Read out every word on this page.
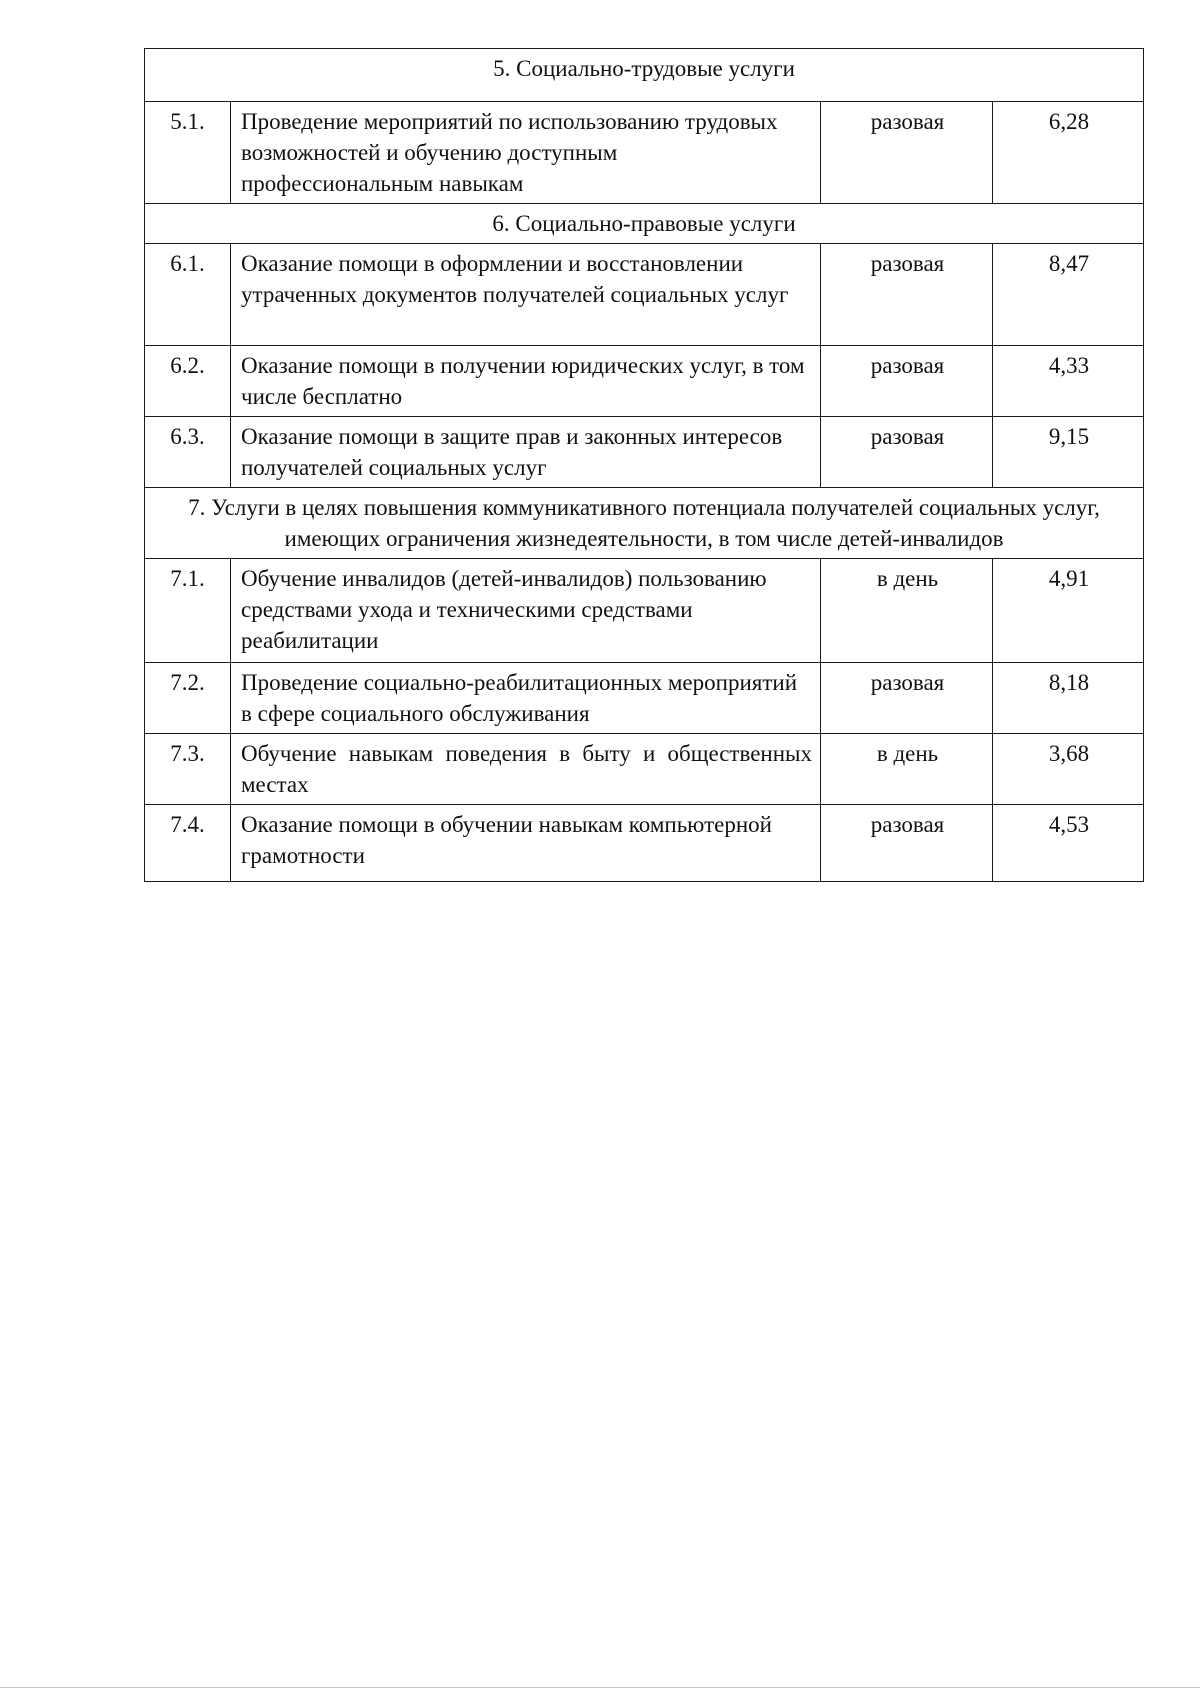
5. Социально-трудовые услуги			
5.1.	Проведение мероприятий по использованию трудовых возможностей и обучению доступным профессиональным навыкам	разовая	6,28
6. Социально-правовые услуги			
6.1.	Оказание помощи в оформлении и восстановлении утраченных документов получателей социальных услуг	разовая	8,47
6.2.	Оказание помощи в получении юридических услуг, в том числе бесплатно	разовая	4,33
6.3.	Оказание помощи в защите прав и законных интересов получателей социальных услуг	разовая	9,15
7. Услуги в целях повышения коммуникативного потенциала получателей социальных услуг, имеющих ограничения жизнедеятельности, в том числе детей-инвалидов			
7.1.	Обучение инвалидов (детей-инвалидов) пользованию средствами ухода и техническими средствами реабилитации	в день	4,91
7.2.	Проведение социально-реабилитационных мероприятий в сфере социального обслуживания	разовая	8,18
7.3.	Обучение навыкам поведения в быту и общественных местах	в день	3,68
7.4.	Оказание помощи в обучении навыкам компьютерной грамотности	разовая	4,53
